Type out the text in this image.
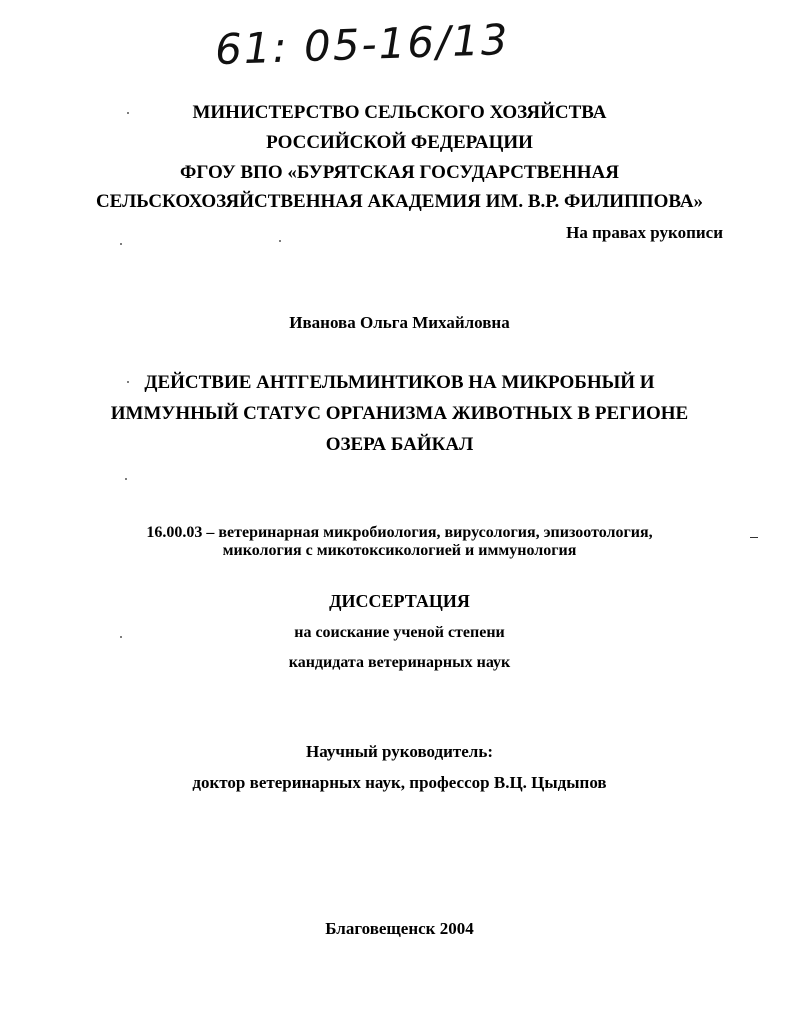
61: 05-16/13
МИНИСТЕРСТВО СЕЛЬСКОГО ХОЗЯЙСТВА
РОССИЙСКОЙ ФЕДЕРАЦИИ
ФГОУ ВПО «БУРЯТСКАЯ ГОСУДАРСТВЕННАЯ
СЕЛЬСКОХОЗЯЙСТВЕННАЯ АКАДЕМИЯ ИМ. В.Р. ФИЛИППОВА»
На правах рукописи
Иванова Ольга Михайловна
ДЕЙСТВИЕ АНТГЕЛЬМИНТИКОВ НА МИКРОБНЫЙ И
ИММУННЫЙ СТАТУС ОРГАНИЗМА ЖИВОТНЫХ В РЕГИОНЕ
ОЗЕРА БАЙКАЛ
16.00.03 – ветеринарная микробиология, вирусология, эпизоотология,
микология с микотоксикологией и иммунология
ДИССЕРТАЦИЯ
на соискание ученой степени
кандидата ветеринарных наук
Научный руководитель:
доктор ветеринарных наук, профессор В.Ц. Цыдыпов
Благовещенск 2004
